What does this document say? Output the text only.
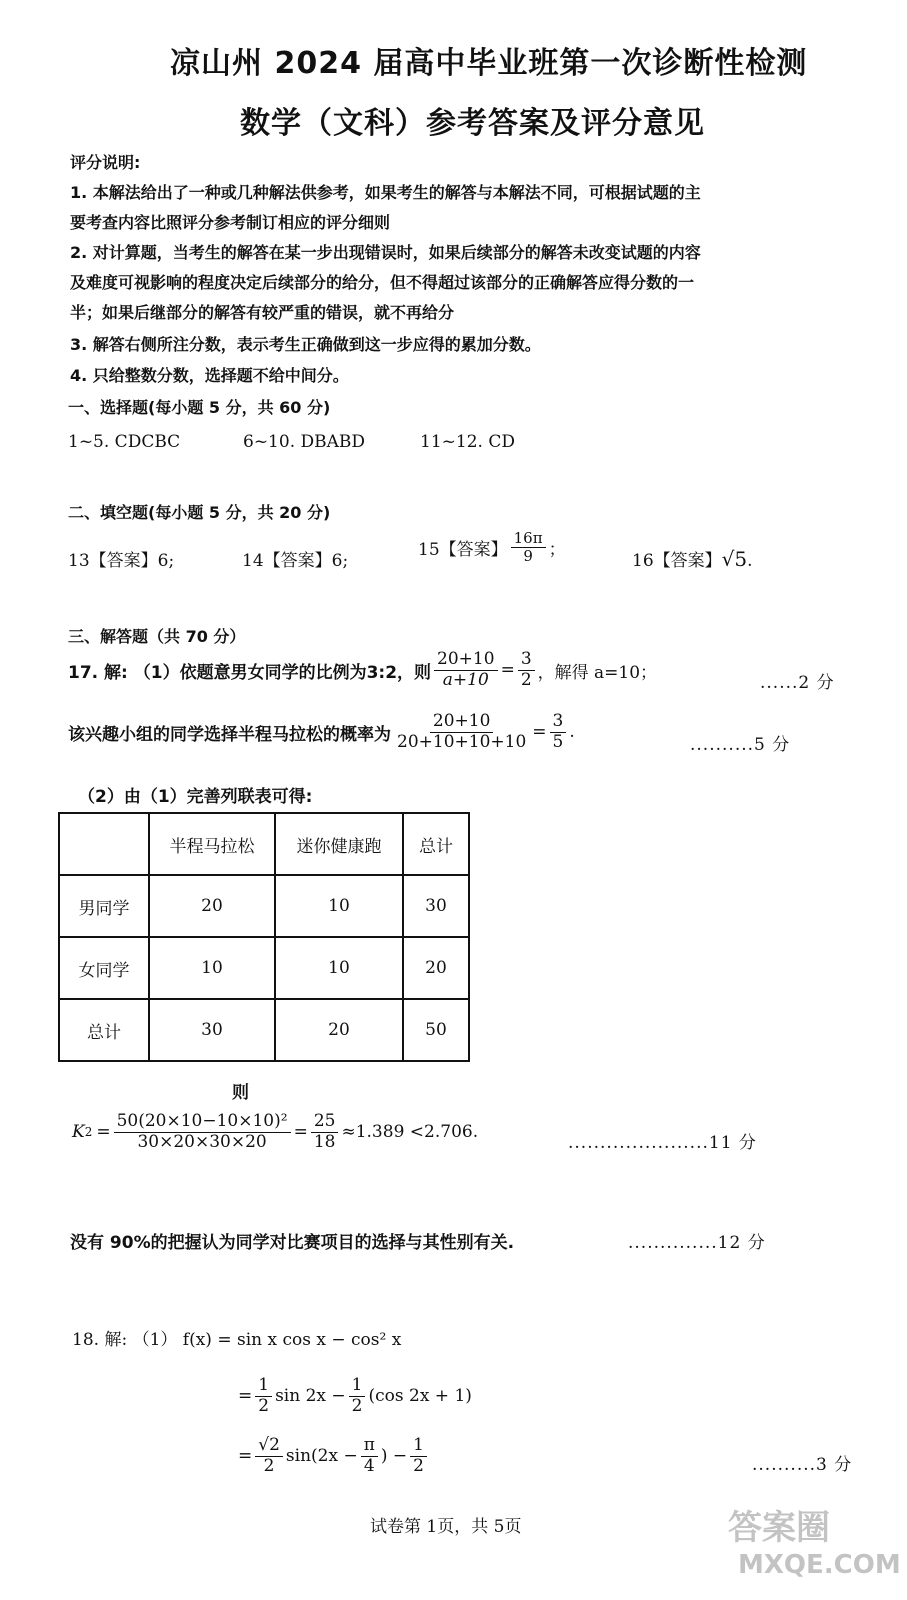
凉山州 2024 届高中毕业班第一次诊断性检测
数学（文科）参考答案及评分意见
评分说明:
1. 本解法给出了一种或几种解法供参考，如果考生的解答与本解法不同，可根据试题的主
要考查内容比照评分参考制订相应的评分细则
2. 对计算题，当考生的解答在某一步出现错误时，如果后续部分的解答未改变试题的内容
及难度可视影响的程度决定后续部分的给分，但不得超过该部分的正确解答应得分数的一
半；如果后继部分的解答有较严重的错误，就不再给分
3. 解答右侧所注分数，表示考生正确做到这一步应得的累加分数。
4. 只给整数分数，选择题不给中间分。
一、选择题(每小题 5 分，共 60 分)
1~5. CDCBC	6~10. DBABD	11~12. CD
二、填空题(每小题 5 分，共 20 分)
13【答案】6;	14【答案】6;
15【答案】 $\frac{16\pi}{9}$ ；
16【答案】√5.
三、解答题（共 70 分）
17. 解: （1）依题意男女同学的比例为3:2，则 $\frac{20+10}{a+10} = \frac{3}{2}$ ，解得 a=10；
......2 分
该兴趣小组的同学选择半程马拉松的概率为 $\frac{20+10}{20+10+10+10} = \frac{3}{5}$ .
..........5 分
（2）由（1）完善列联表可得:
	半程马拉松	迷你健康跑	总计
男同学	20	10	30
女同学	10	10	20
总计	30	20	50
则
K $2 = \frac{\text{50(20×10−10×10)²}}{30\times 20\times 30\times 20} = \frac{25}{18} \approx 1.389 <2.706$.
......................11 分
没有 90%的把握认为同学对比赛项目的选择与其性别有关.	..............12 分
18. 解: （1） f(x) = sin x cos x − cos² x
= $\frac{1}{2}$ $\sin 2x - \frac{1}{2} (\cos$ 2x + 1)
= $\frac{√2}{2} \sin(2x - \frac{\pi}{4}$ ) − $\frac{1}{2}$	..........3 分
试卷第 1页，共 5页	答案圈
MXQE.COM
